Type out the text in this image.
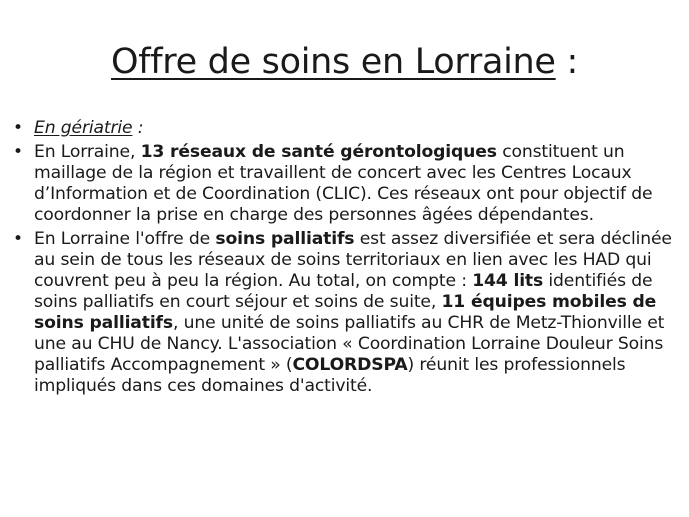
Offre de soins en Lorraine :
• En gériatrie :
• En Lorraine, 13 réseaux de santé gérontologiques constituent un maillage de la région et travaillent de concert avec les Centres Locaux d’Information et de Coordination (CLIC). Ces réseaux ont pour objectif de coordonner la prise en charge des personnes âgées dépendantes.
• En Lorraine l'offre de soins palliatifs est assez diversifiée et sera déclinée au sein de tous les réseaux de soins territoriaux en lien avec les HAD qui couvrent peu à peu la région. Au total, on compte : 144 lits identifiés de soins palliatifs en court séjour et soins de suite, 11 équipes mobiles de soins palliatifs, une unité de soins palliatifs au CHR de Metz-Thionville et une au CHU de Nancy. L'association « Coordination Lorraine Douleur Soins palliatifs Accompagnement » (COLORDSPA) réunit les professionnels impliqués dans ces domaines d'activité.
